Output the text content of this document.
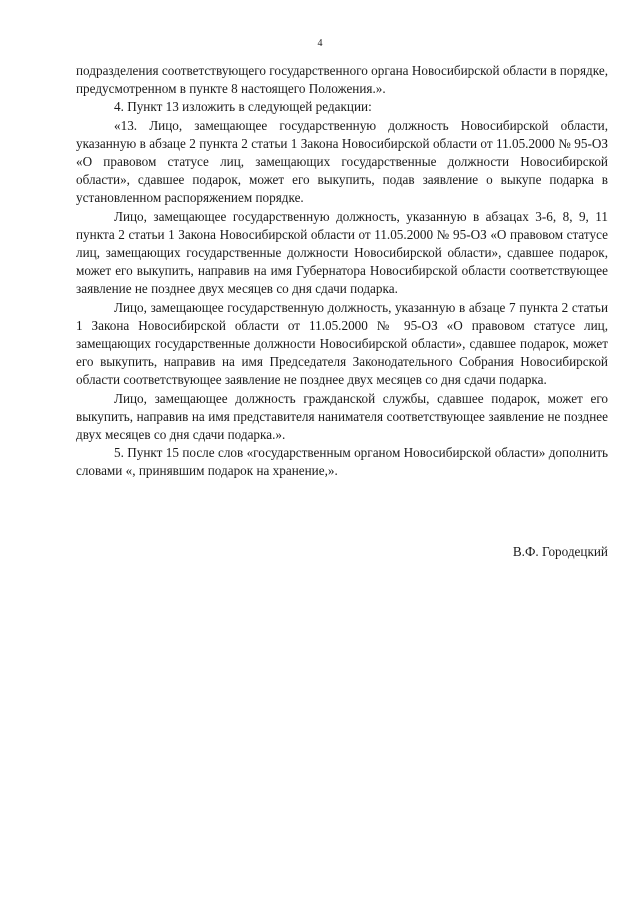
4

подразделения соответствующего государственного органа Новосибирской области в порядке, предусмотренном в пункте 8 настоящего Положения.».

4. Пункт 13 изложить в следующей редакции:

«13. Лицо, замещающее государственную должность Новосибирской области, указанную в абзаце 2 пункта 2 статьи 1 Закона Новосибирской области от 11.05.2000 № 95-ОЗ «О правовом статусе лиц, замещающих государственные должности Новосибирской области», сдавшее подарок, может его выкупить, подав заявление о выкупе подарка в установленном распоряжением порядке.

Лицо, замещающее государственную должность, указанную в абзацах 3-6, 8, 9, 11 пункта 2 статьи 1 Закона Новосибирской области от 11.05.2000 № 95-ОЗ «О правовом статусе лиц, замещающих государственные должности Новосибирской области», сдавшее подарок, может его выкупить, направив на имя Губернатора Новосибирской области соответствующее заявление не позднее двух месяцев со дня сдачи подарка.

Лицо, замещающее государственную должность, указанную в абзаце 7 пункта 2 статьи 1 Закона Новосибирской области от 11.05.2000 № 95-ОЗ «О правовом статусе лиц, замещающих государственные должности Новосибирской области», сдавшее подарок, может его выкупить, направив на имя Председателя Законодательного Собрания Новосибирской области соответствующее заявление не позднее двух месяцев со дня сдачи подарка.

Лицо, замещающее должность гражданской службы, сдавшее подарок, может его выкупить, направив на имя представителя нанимателя соответствующее заявление не позднее двух месяцев со дня сдачи подарка.».

5. Пункт 15 после слов «государственным органом Новосибирской области» дополнить словами «, принявшим подарок на хранение,».

В.Ф. Городецкий
